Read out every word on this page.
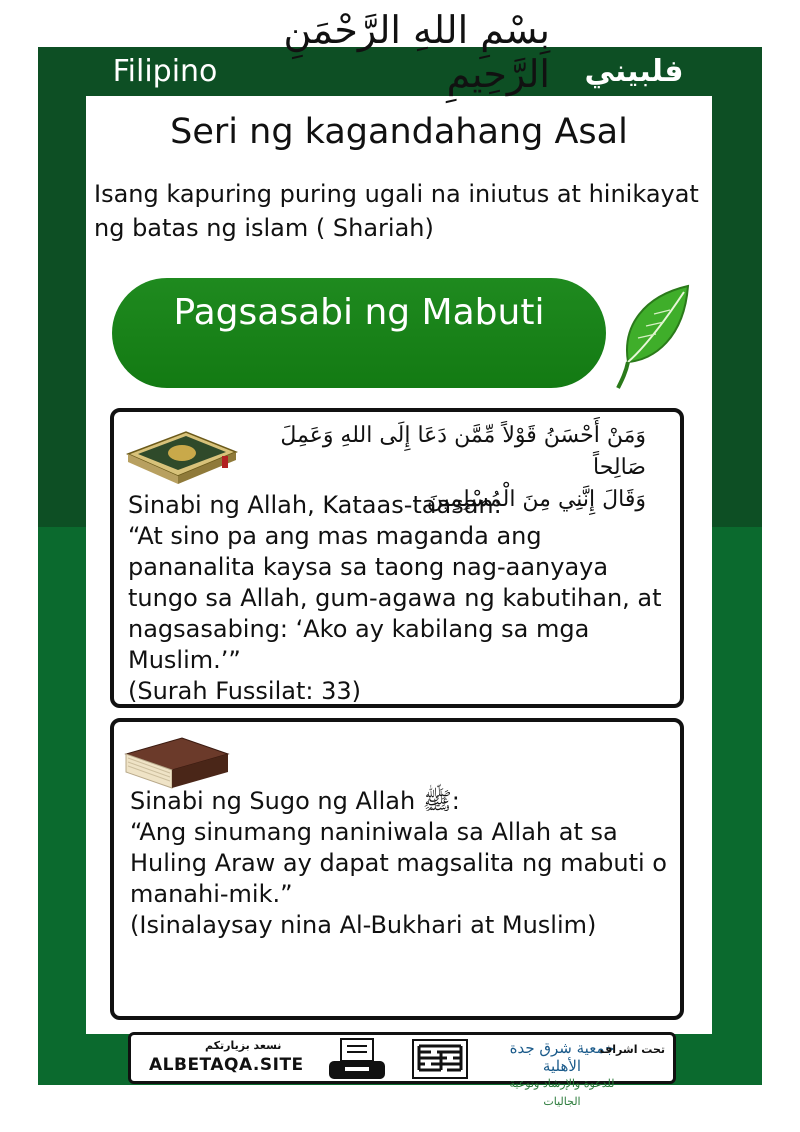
Filipino
بِسْمِ اللهِ الرَّحْمَنِ الرَّحِيمِ	فلبيني
Seri ng kagandahang Asal
Isang kapuring puring ugali na iniutus at hinikayat ng batas ng islam ( Shariah)
Pagsasabi ng Mabuti
وَمَنْ أَحْسَنُ قَوْلاً مِّمَّن دَعَا إِلَى اللهِ وَعَمِلَ صَالِحاً
وَقَالَ إِنَّنِي مِنَ الْمُسْلِمِينَ
Sinabi ng Allah, Kataas-taasan:
“At sino pa ang mas maganda ang pananalita kaysa sa taong nag-aanyaya tungo sa Allah, gum-agawa ng kabutihan, at nagsasabing: ‘Ako ay kabilang sa mga Muslim.’”
(Surah Fussilat: 33)
Sinabi ng Sugo ng Allah ﷺ:
“Ang sinumang naniniwala sa Allah at sa Huling Araw ay dapat magsalita ng mabuti o manahi-mik.”
(Isinalaysay nina Al-Bukhari at Muslim)
نسعد بزيارتكم
ALBETAQA.SITE
جمعية شرق جدة الأهلية
للدعوة والإرشاد وتوعية الجاليات
تحت اشراف
